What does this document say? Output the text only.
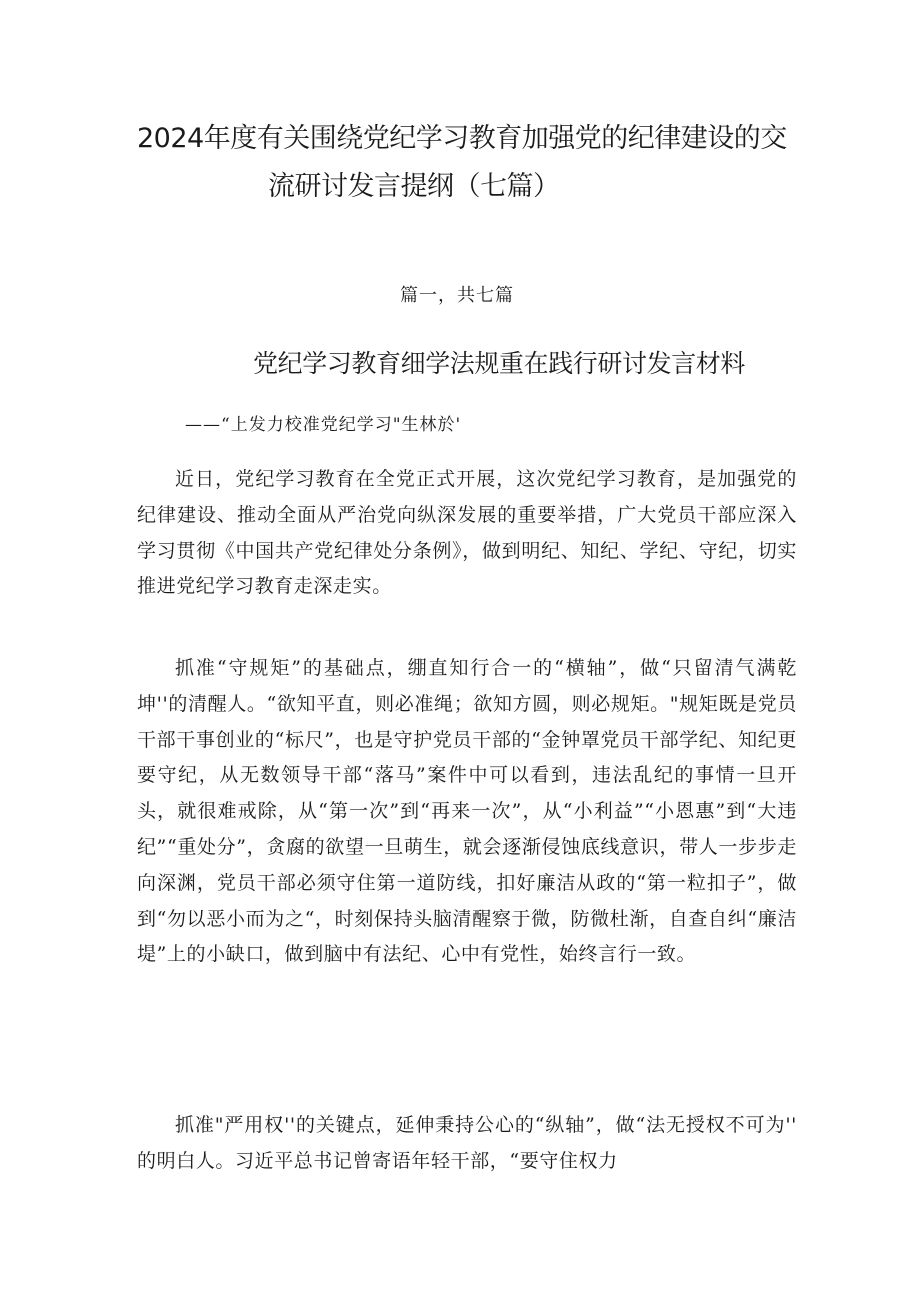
2024年度有关围绕党纪学习教育加强党的纪律建设的交
流研讨发言提纲（七篇）
篇一，共七篇
党纪学习教育细学法规重在践行研讨发言材料
——“上发力校准党纪学习"生林於'

近日，党纪学习教育在全党正式开展，这次党纪学习教育，是加强党的纪律建设、推动全面从严治党向纵深发展的重要举措，广大党员干部应深入学习贯彻《中国共产党纪律处分条例》，做到明纪、知纪、学纪、守纪，切实推进党纪学习教育走深走实。

抓准“守规矩”的基础点，绷直知行合一的“横轴”，做“只留清气满乾坤''的清醒人。“欲知平直，则必准绳；欲知方圆，则必规矩。"规矩既是党员干部干事创业的“标尺”，也是守护党员干部的“金钟罩党员干部学纪、知纪更要守纪，从无数领导干部“落马”案件中可以看到，违法乱纪的事情一旦开头，就很难戒除，从“第一次”到“再来一次”，从“小利益”“小恩惠”到“大违纪”“重处分”，贪腐的欲望一旦萌生，就会逐渐侵蚀底线意识，带人一步步走向深渊，党员干部必须守住第一道防线，扣好廉洁从政的“第一粒扣子”，做到“勿以恶小而为之“，时刻保持头脑清醒察于微，防微杜渐，自查自纠“廉洁堤”上的小缺口，做到脑中有法纪、心中有党性，始终言行一致。

抓准"严用权''的关键点，延伸秉持公心的“纵轴”，做“法无授权不可为'' 的明白人。习近平总书记曾寄语年轻干部，“要守住权力
